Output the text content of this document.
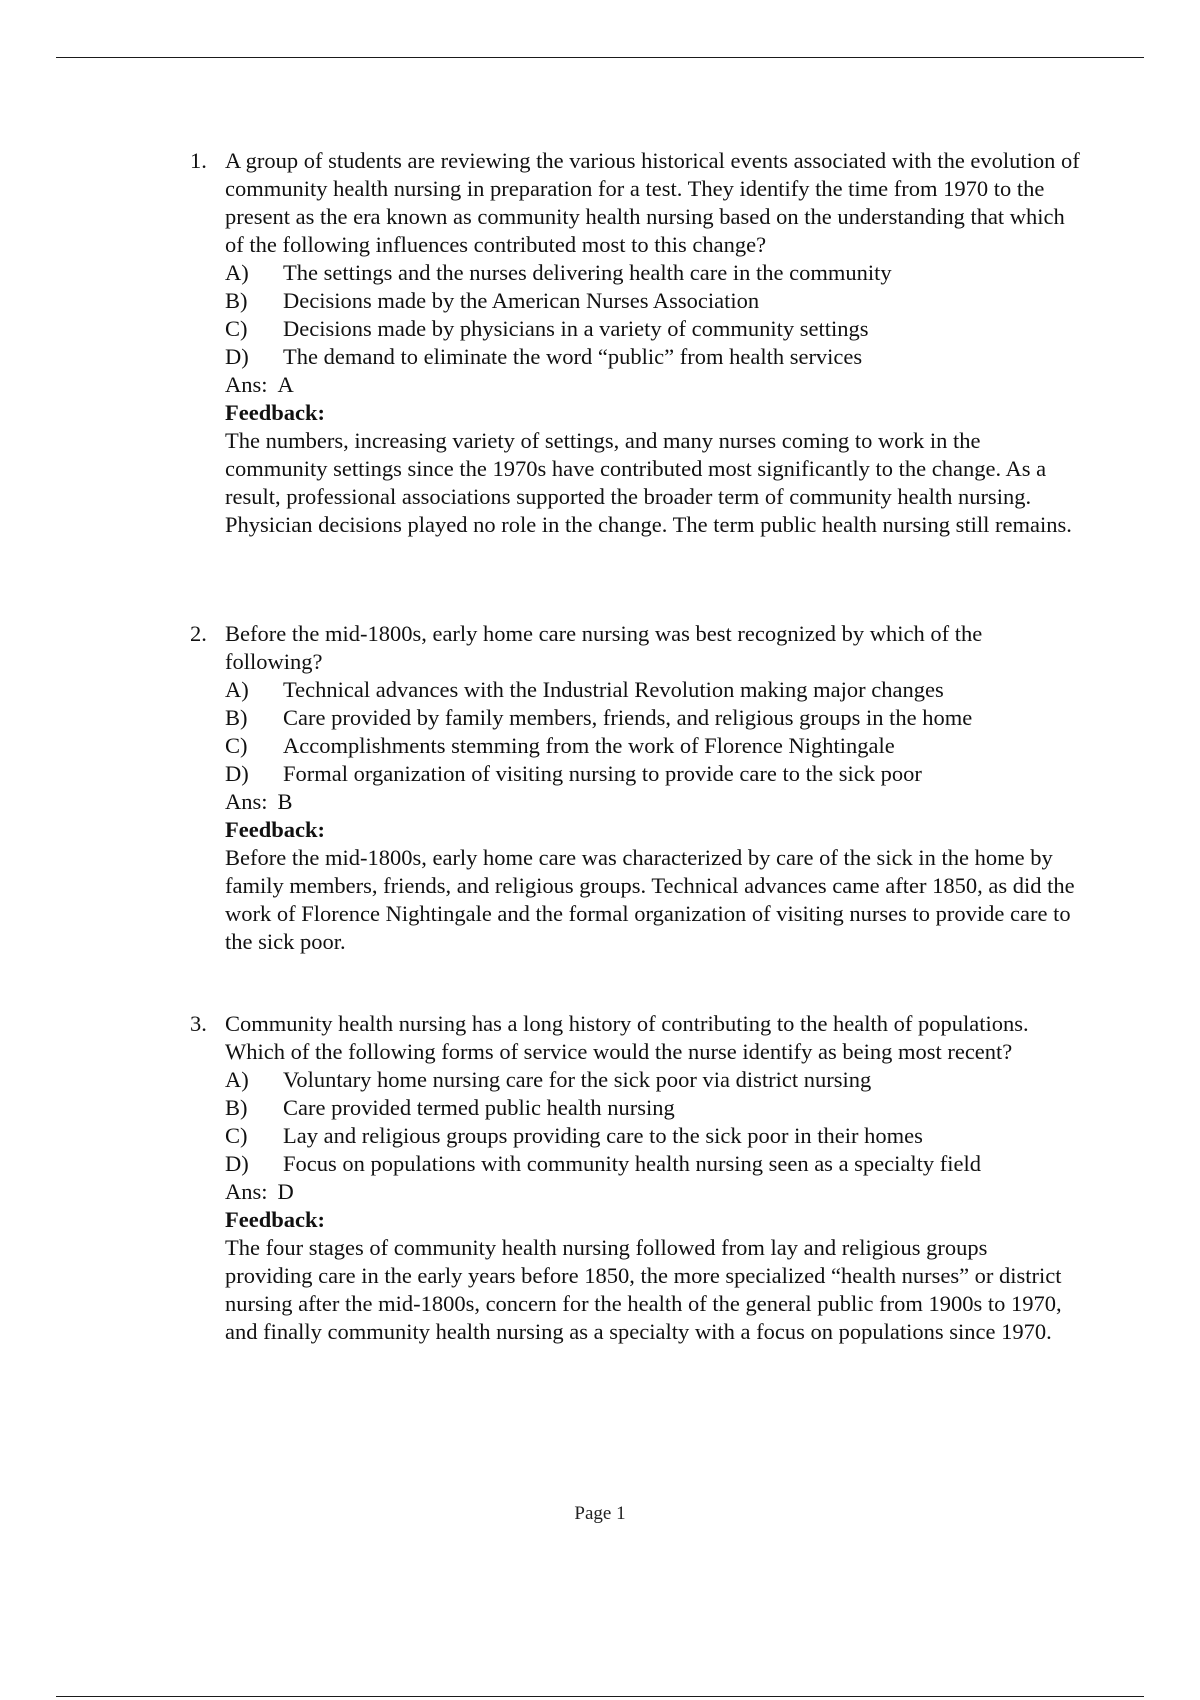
1. A group of students are reviewing the various historical events associated with the evolution of community health nursing in preparation for a test. They identify the time from 1970 to the present as the era known as community health nursing based on the understanding that which of the following influences contributed most to this change?

A)	The settings and the nurses delivering health care in the community
B)	Decisions made by the American Nurses Association
C)	Decisions made by physicians in a variety of community settings
D)	The demand to eliminate the word “public” from health services
Ans: A
Feedback:

The numbers, increasing variety of settings, and many nurses coming to work in the community settings since the 1970s have contributed most significantly to the change. As a result, professional associations supported the broader term of community health nursing. Physician decisions played no role in the change. The term public health nursing still remains.

2. Before the mid-1800s, early home care nursing was best recognized by which of the following?

A)	Technical advances with the Industrial Revolution making major changes
B)	Care provided by family members, friends, and religious groups in the home
C)	Accomplishments stemming from the work of Florence Nightingale
D)	Formal organization of visiting nursing to provide care to the sick poor
Ans: B
Feedback:

Before the mid-1800s, early home care was characterized by care of the sick in the home by family members, friends, and religious groups. Technical advances came after 1850, as did the work of Florence Nightingale and the formal organization of visiting nurses to provide care to the sick poor.

3. Community health nursing has a long history of contributing to the health of populations. Which of the following forms of service would the nurse identify as being most recent?

A)	Voluntary home nursing care for the sick poor via district nursing
B)	Care provided termed public health nursing
C)	Lay and religious groups providing care to the sick poor in their homes
D)	Focus on populations with community health nursing seen as a specialty field
Ans: D
Feedback:

The four stages of community health nursing followed from lay and religious groups providing care in the early years before 1850, the more specialized “health nurses” or district nursing after the mid-1800s, concern for the health of the general public from 1900s to 1970, and finally community health nursing as a specialty with a focus on populations since 1970.

Page 1
